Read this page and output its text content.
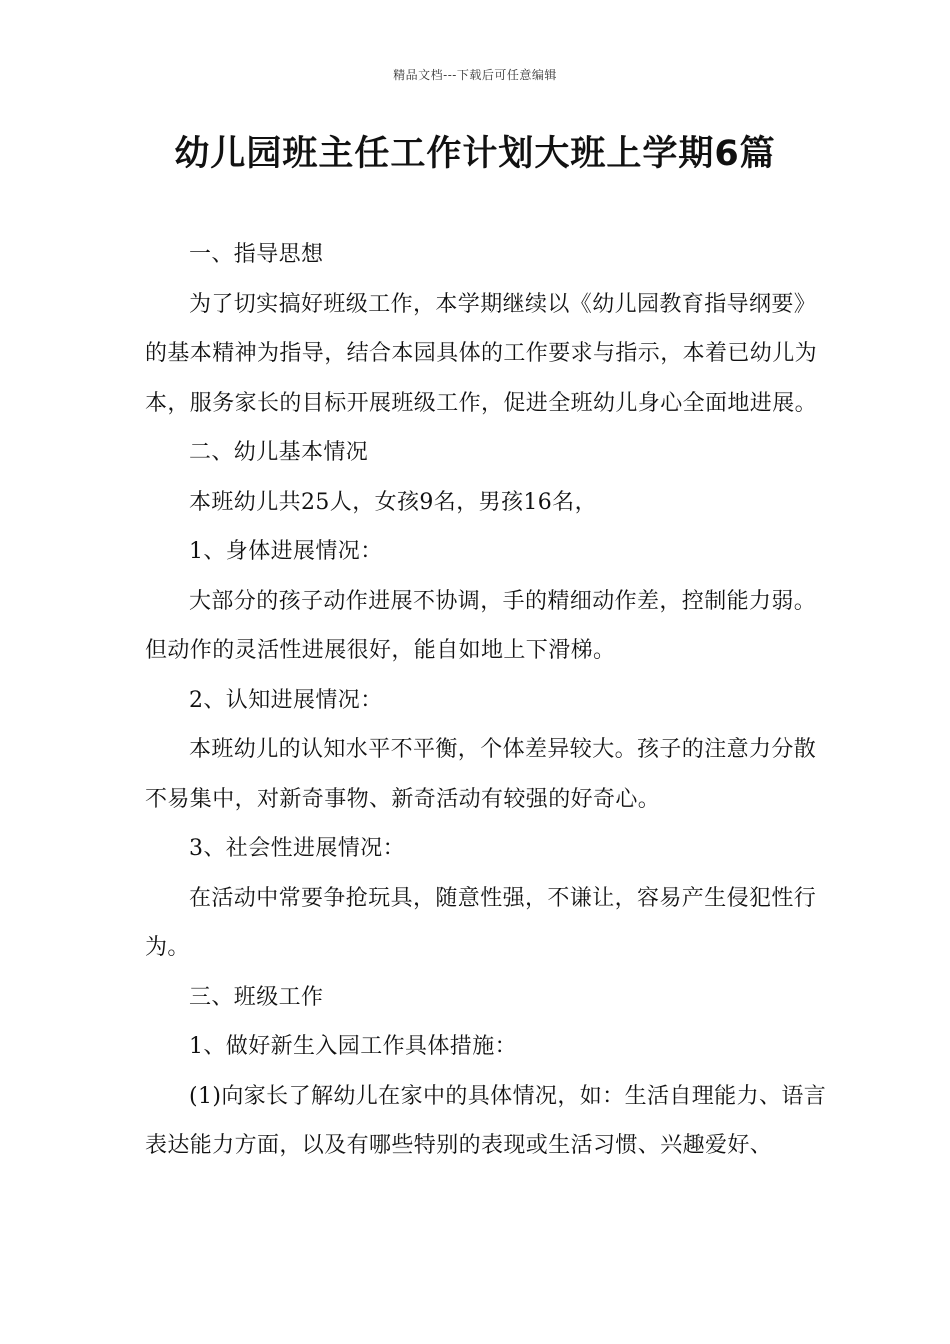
精品文档---下载后可任意编辑
幼儿园班主任工作计划大班上学期6篇

一、指导思想

为了切实搞好班级工作，本学期继续以《幼儿园教育指导纲要》的基本精神为指导，结合本园具体的工作要求与指示，本着已幼儿为本，服务家长的目标开展班级工作，促进全班幼儿身心全面地进展。

二、幼儿基本情况

本班幼儿共25人，女孩9名，男孩16名，

1、身体进展情况：

大部分的孩子动作进展不协调，手的精细动作差，控制能力弱。但动作的灵活性进展很好，能自如地上下滑梯。

2、认知进展情况：

本班幼儿的认知水平不平衡，个体差异较大。孩子的注意力分散不易集中，对新奇事物、新奇活动有较强的好奇心。

3、社会性进展情况：

在活动中常要争抢玩具，随意性强，不谦让，容易产生侵犯性行为。

三、班级工作

1、做好新生入园工作具体措施：

(1)向家长了解幼儿在家中的具体情况，如：生活自理能力、语言表达能力方面，以及有哪些特别的表现或生活习惯、兴趣爱好、
